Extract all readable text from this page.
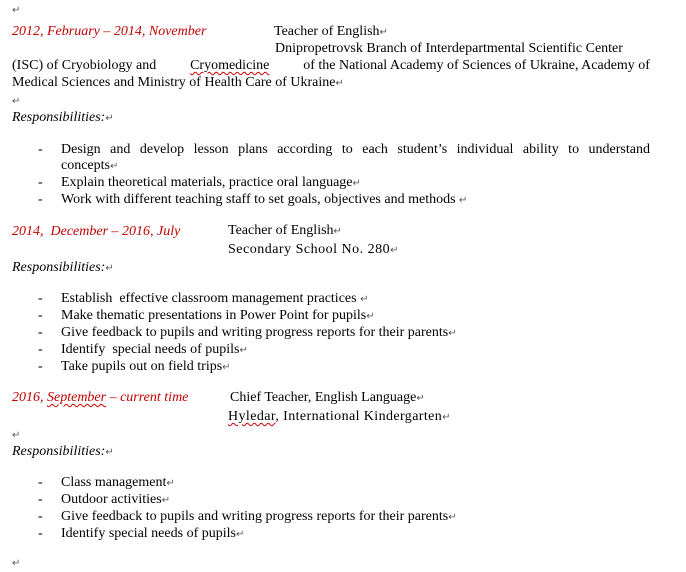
↵
2012, February – 2014, November	Teacher of English↵
Dnipropetrovsk Branch of Interdepartmental Scientific Center
(ISC) of Cryobiology and Cryomedicine of the National Academy of Sciences of Ukraine, Academy of
Medical Sciences and Ministry of Health Care of Ukraine↵
↵
Responsibilities:↵
- Design and develop lesson plans according to each student’s individual ability to understand
concepts↵
- Explain theoretical materials, practice oral language↵
- Work with different teaching staff to set goals, objectives and methods ↵
2014,  December – 2016, July	Teacher of English↵
Secondary School No. 280↵
Responsibilities:↵
- Establish  effective classroom management practices ↵
- Make thematic presentations in Power Point for pupils↵
- Give feedback to pupils and writing progress reports for their parents↵
- Identify  special needs of pupils↵
- Take pupils out on field trips↵
2016, September – current time	Chief Teacher, English Language↵
Hyledar, International Kindergarten↵
↵
Responsibilities:↵
- Class management↵
- Outdoor activities↵
- Give feedback to pupils and writing progress reports for their parents↵
- Identify special needs of pupils↵
↵
